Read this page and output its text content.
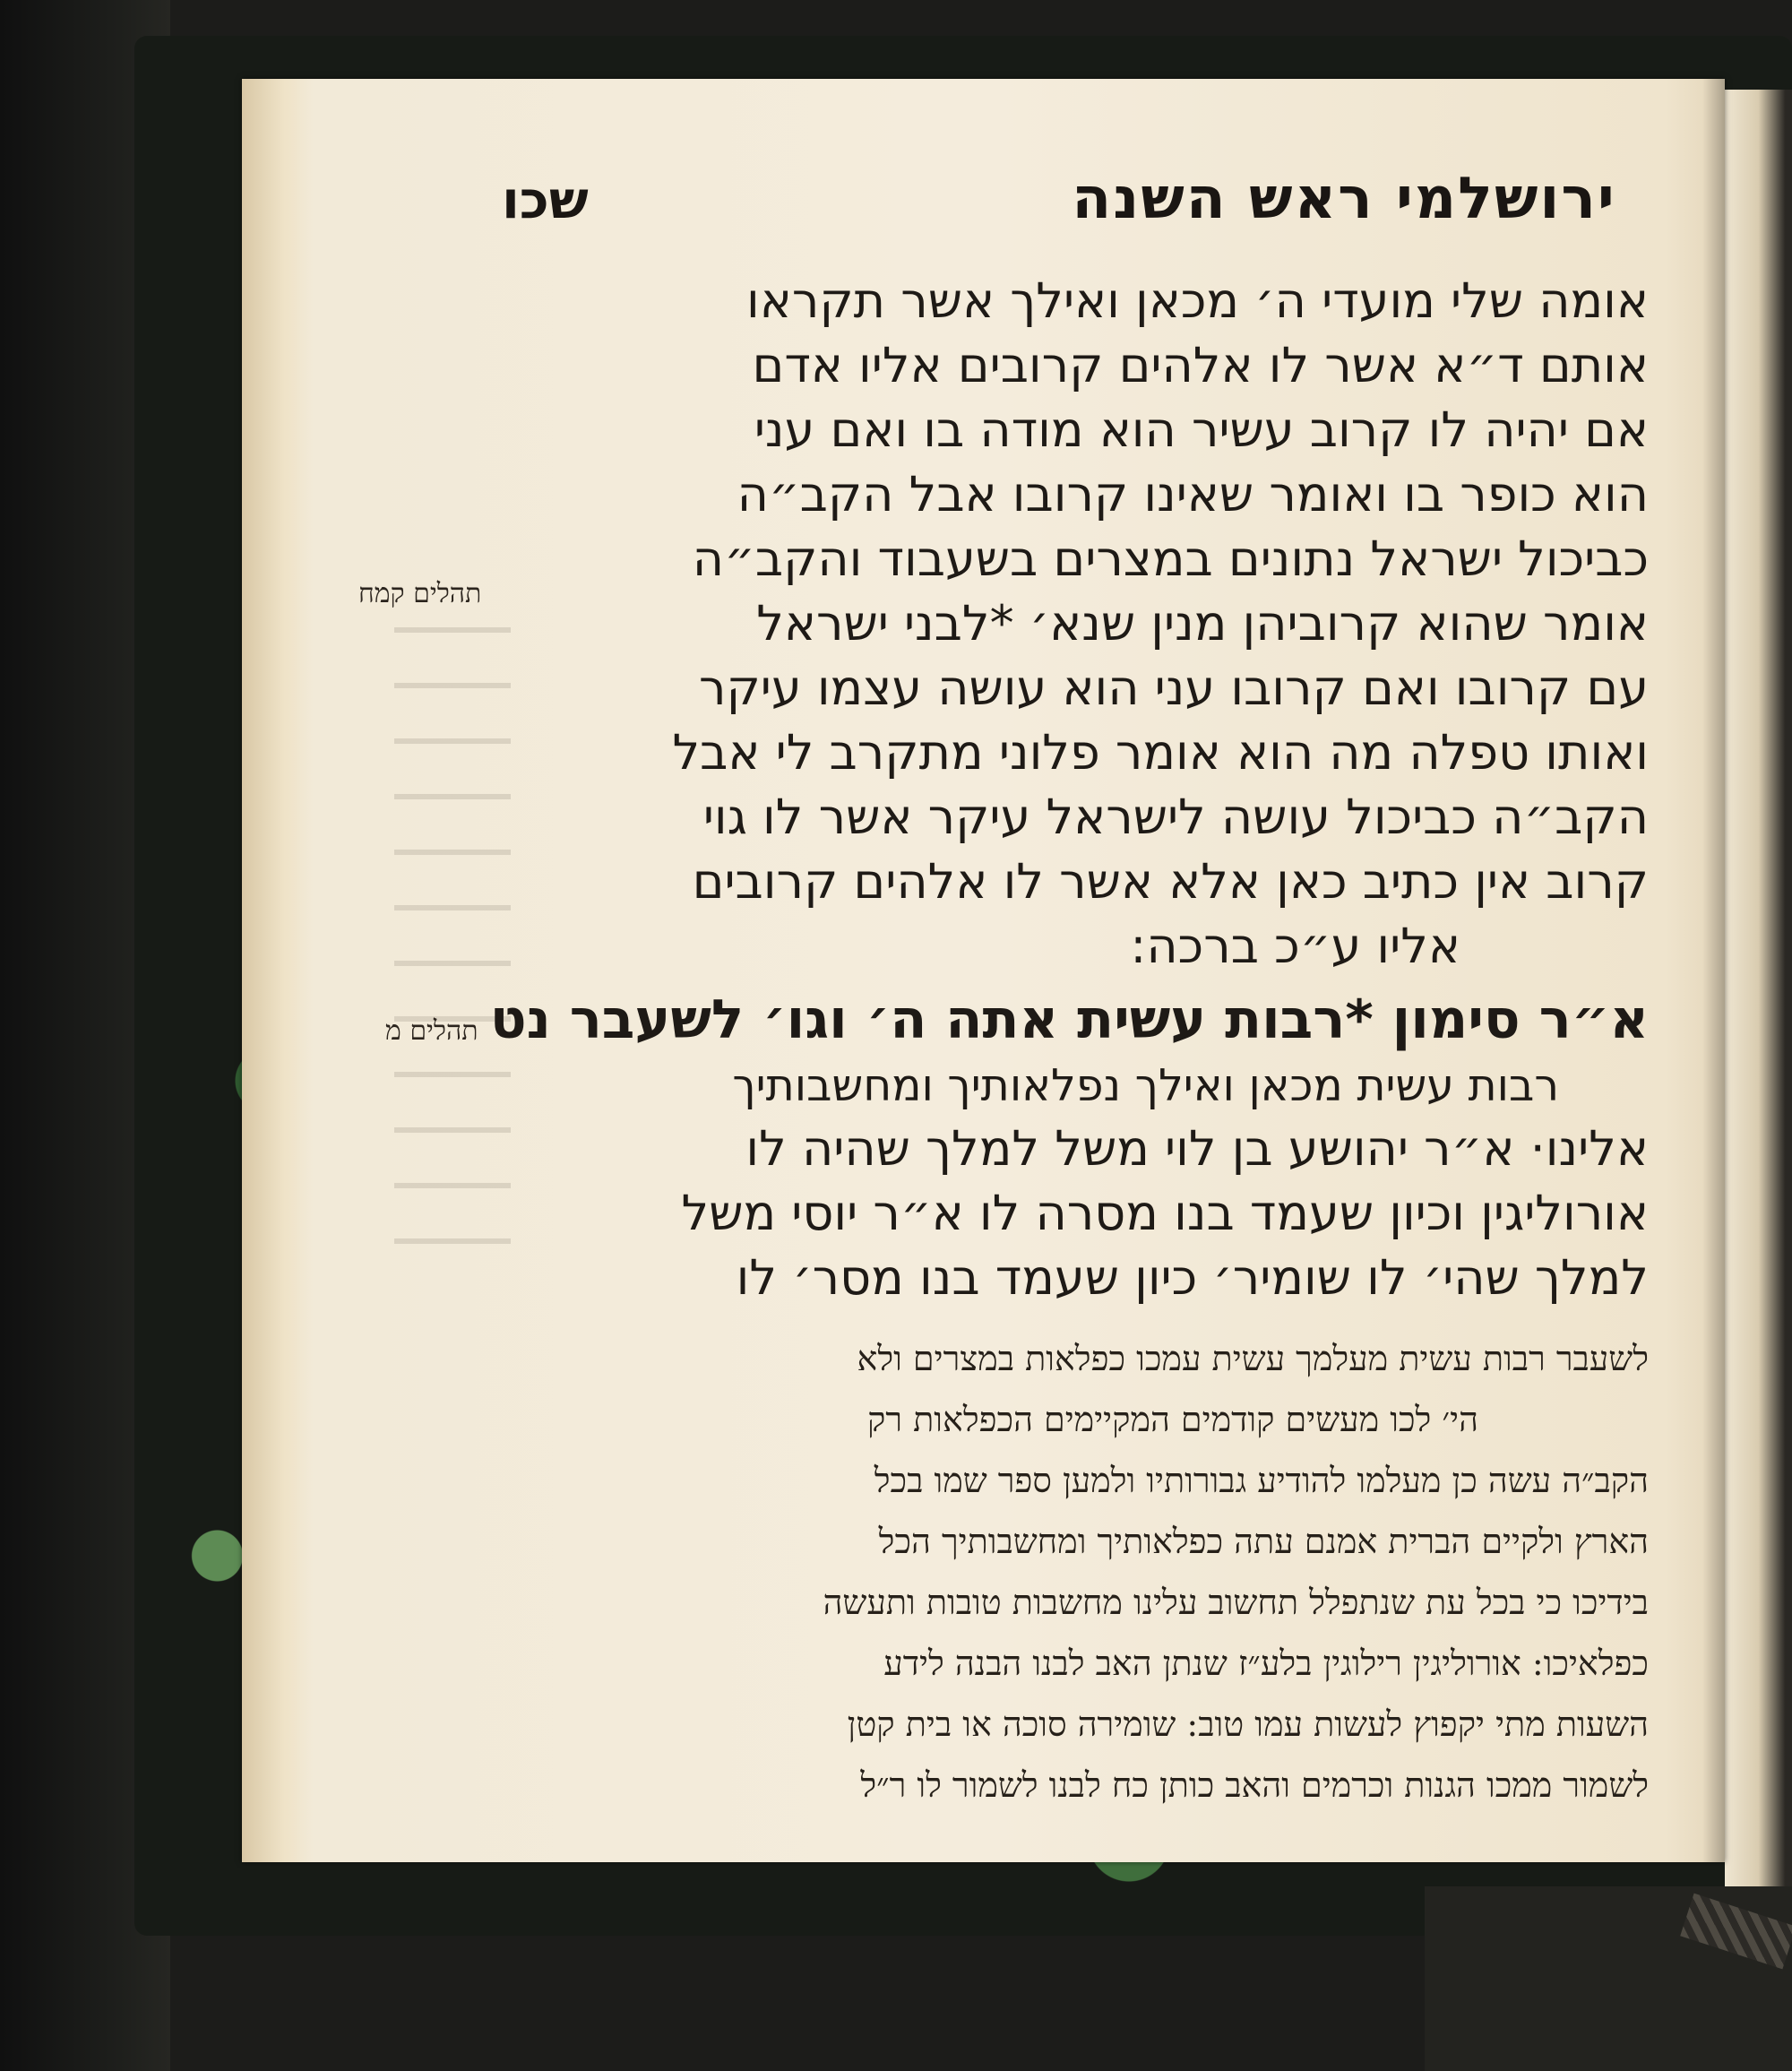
ירושלמי ראש השנה
שכו
אומה שלי מועדי ה׳ מכאן ואילך אשר תקראו
אותם ד״א אשר לו אלהים קרובים אליו אדם
אם יהיה לו קרוב עשיר הוא מודה בו ואם עני
הוא כופר בו ואומר שאינו קרובו אבל הקב״ה
כביכול ישראל נתונים במצרים בשעבוד והקב״ה
אומר שהוא קרוביהן מנין שנא׳ *לבני ישראל
עם קרובו ואם קרובו עני הוא עושה עצמו עיקר
ואותו טפלה מה הוא אומר פלוני מתקרב לי אבל
הקב״ה כביכול עושה לישראל עיקר אשר לו גוי
קרוב אין כתיב כאן אלא אשר לו אלהים קרובים
אליו ע״כ ברכה:
א״ר סימון *רבות עשית אתה ה׳ וגו׳ לשעבר נט
רבות עשית מכאן ואילך נפלאותיך ומחשבותיך
אלינו· א״ר יהושע בן לוי משל למלך שהיה לו
אורוליגין וכיון שעמד בנו מסרה לו א״ר יוסי משל
למלך שהי׳ לו שומיר׳ כיון שעמד בנו מסר׳ לו
לשעבר רבות עשית מעלמך עשית עמכו כפלאות במצרים ולא
הי׳ לכו מעשים קודמים המקיימים הכפלאות רק
הקב״ה עשה כן מעלמו להודיע גבורותיו ולמען ספר שמו בכל
הארץ ולקיים הברית אמנם עתה כפלאותיך ומחשבותיך הכל
בידיכו כי בכל עת שנתפלל תחשוב עלינו מחשבות טובות ותעשה
כפלאיכו: אורוליגין רילוגין בלע״ז שנתן האב לבנו הבנה לידע
השעות מתי יקפוץ לעשות עמו טוב: שומירה סוכה או בית קטן
לשמור ממכו הגנות וכרמים והאב כותן כח לבנו לשמור לו ר״ל
תהלים קמח
תהלים מ
